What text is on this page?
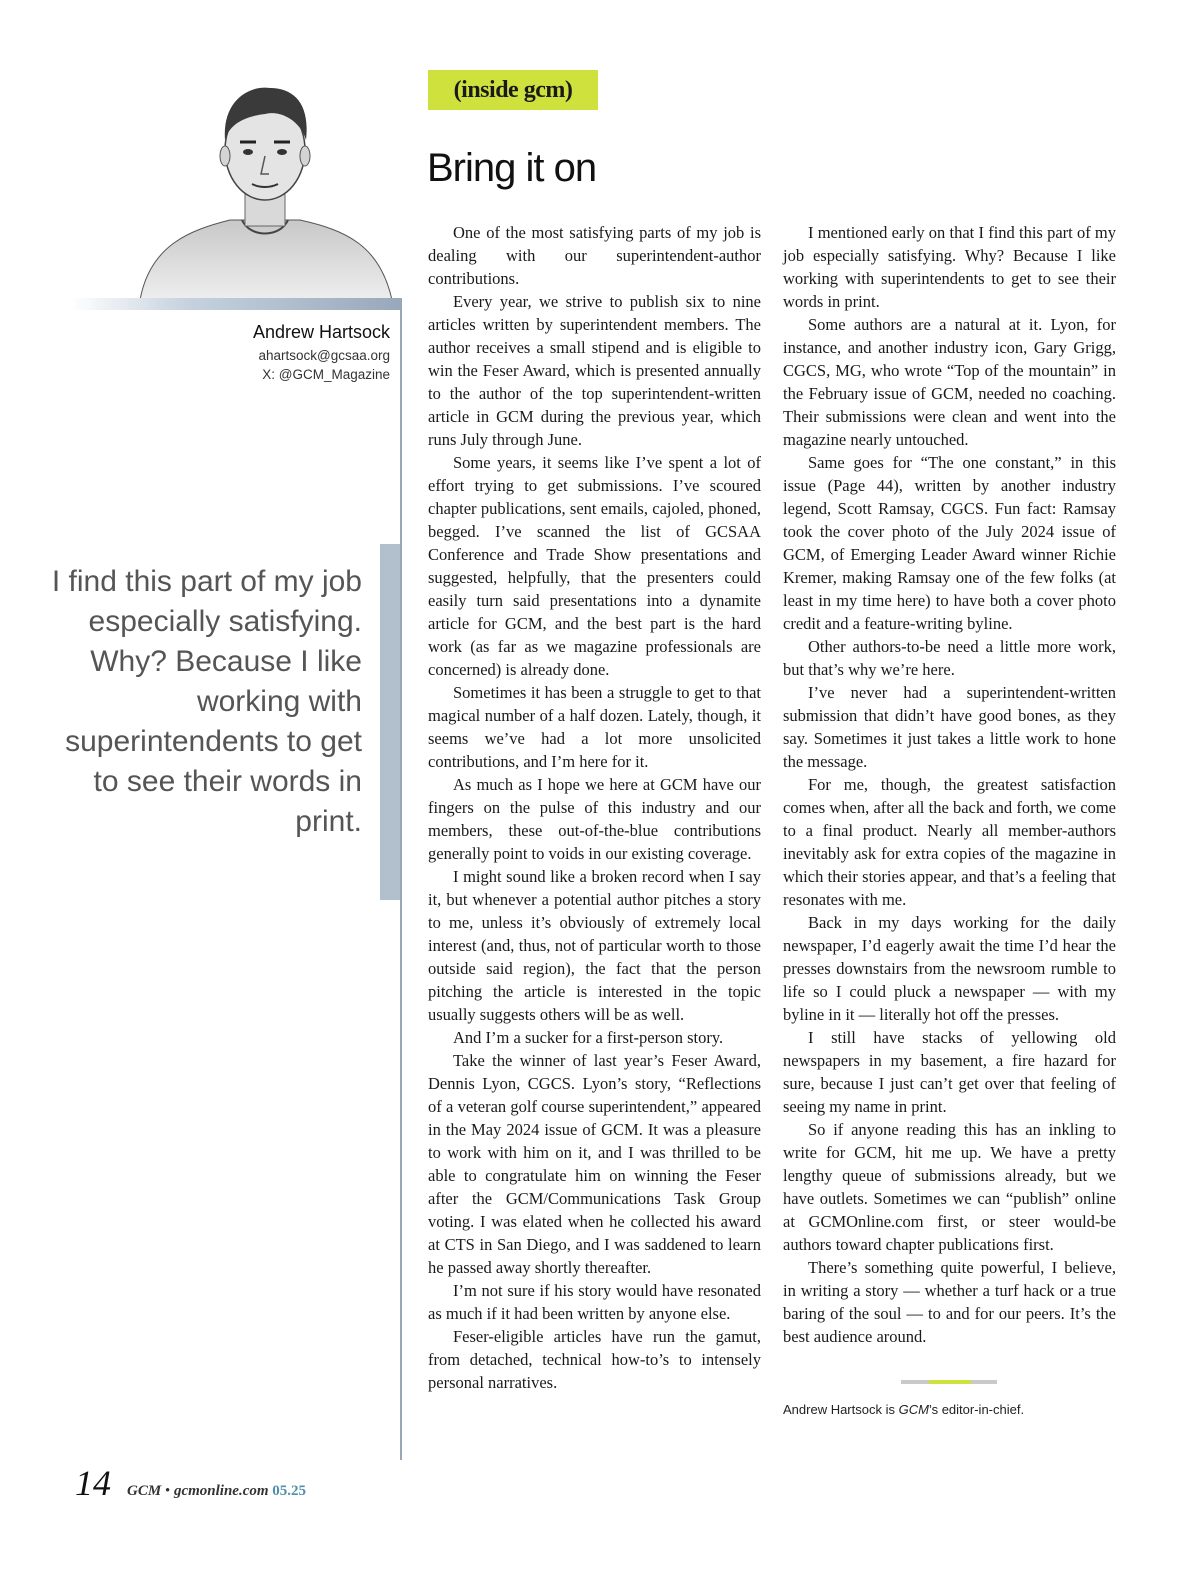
Andrew Hartsock
ahartsock@gcsaa.org
X: @GCM_Magazine
I find this part of my job especially satisfying. Why? Because I like working with superintendents to get to see their words in print.
(inside gcm)
Bring it on

One of the most satisfying parts of my job is dealing with our superintendent-author contributions.

Every year, we strive to publish six to nine articles written by superintendent members. The author receives a small stipend and is eligible to win the Feser Award, which is presented annually to the author of the top superintendent-written article in GCM during the previous year, which runs July through June.

Some years, it seems like I’ve spent a lot of effort trying to get submissions. I’ve scoured chapter publications, sent emails, cajoled, phoned, begged. I’ve scanned the list of GCSAA Conference and Trade Show presentations and suggested, helpfully, that the presenters could easily turn said presentations into a dynamite article for GCM, and the best part is the hard work (as far as we magazine professionals are concerned) is already done.

Sometimes it has been a struggle to get to that magical number of a half dozen. Lately, though, it seems we’ve had a lot more unsolicited contributions, and I’m here for it.

As much as I hope we here at GCM have our fingers on the pulse of this industry and our members, these out-of-the-blue contributions generally point to voids in our existing coverage.

I might sound like a broken record when I say it, but whenever a potential author pitches a story to me, unless it’s obviously of extremely local interest (and, thus, not of particular worth to those outside said region), the fact that the person pitching the article is interested in the topic usually suggests others will be as well.

And I’m a sucker for a first-person story.

Take the winner of last year’s Feser Award, Dennis Lyon, CGCS. Lyon’s story, “Reflections of a veteran golf course superintendent,” appeared in the May 2024 issue of GCM. It was a pleasure to work with him on it, and I was thrilled to be able to congratulate him on winning the Feser after the GCM/Communications Task Group voting. I was elated when he collected his award at CTS in San Diego, and I was saddened to learn he passed away shortly thereafter.

I’m not sure if his story would have resonated as much if it had been written by anyone else.

Feser-eligible articles have run the gamut, from detached, technical how-to’s to intensely personal narratives.

I mentioned early on that I find this part of my job especially satisfying. Why? Because I like working with superintendents to get to see their words in print.

Some authors are a natural at it. Lyon, for instance, and another industry icon, Gary Grigg, CGCS, MG, who wrote “Top of the mountain” in the February issue of GCM, needed no coaching. Their submissions were clean and went into the magazine nearly untouched.

Same goes for “The one constant,” in this issue (Page 44), written by another industry legend, Scott Ramsay, CGCS. Fun fact: Ramsay took the cover photo of the July 2024 issue of GCM, of Emerging Leader Award winner Richie Kremer, making Ramsay one of the few folks (at least in my time here) to have both a cover photo credit and a feature-writing byline.

Other authors-to-be need a little more work, but that’s why we’re here.

I’ve never had a superintendent-written submission that didn’t have good bones, as they say. Sometimes it just takes a little work to hone the message.

For me, though, the greatest satisfaction comes when, after all the back and forth, we come to a final product. Nearly all member-authors inevitably ask for extra copies of the magazine in which their stories appear, and that’s a feeling that resonates with me.

Back in my days working for the daily newspaper, I’d eagerly await the time I’d hear the presses downstairs from the newsroom rumble to life so I could pluck a newspaper — with my byline in it — literally hot off the presses.

I still have stacks of yellowing old newspapers in my basement, a fire hazard for sure, because I just can’t get over that feeling of seeing my name in print.

So if anyone reading this has an inkling to write for GCM, hit me up. We have a pretty lengthy queue of submissions already, but we have outlets. Sometimes we can “publish” online at GCMOnline.com first, or steer would-be authors toward chapter publications first.

There’s something quite powerful, I believe, in writing a story — whether a turf hack or a true baring of the soul — to and for our peers. It’s the best audience around.

Andrew Hartsock is GCM’s editor-in-chief.
14 GCM • gcmonline.com 05.25
